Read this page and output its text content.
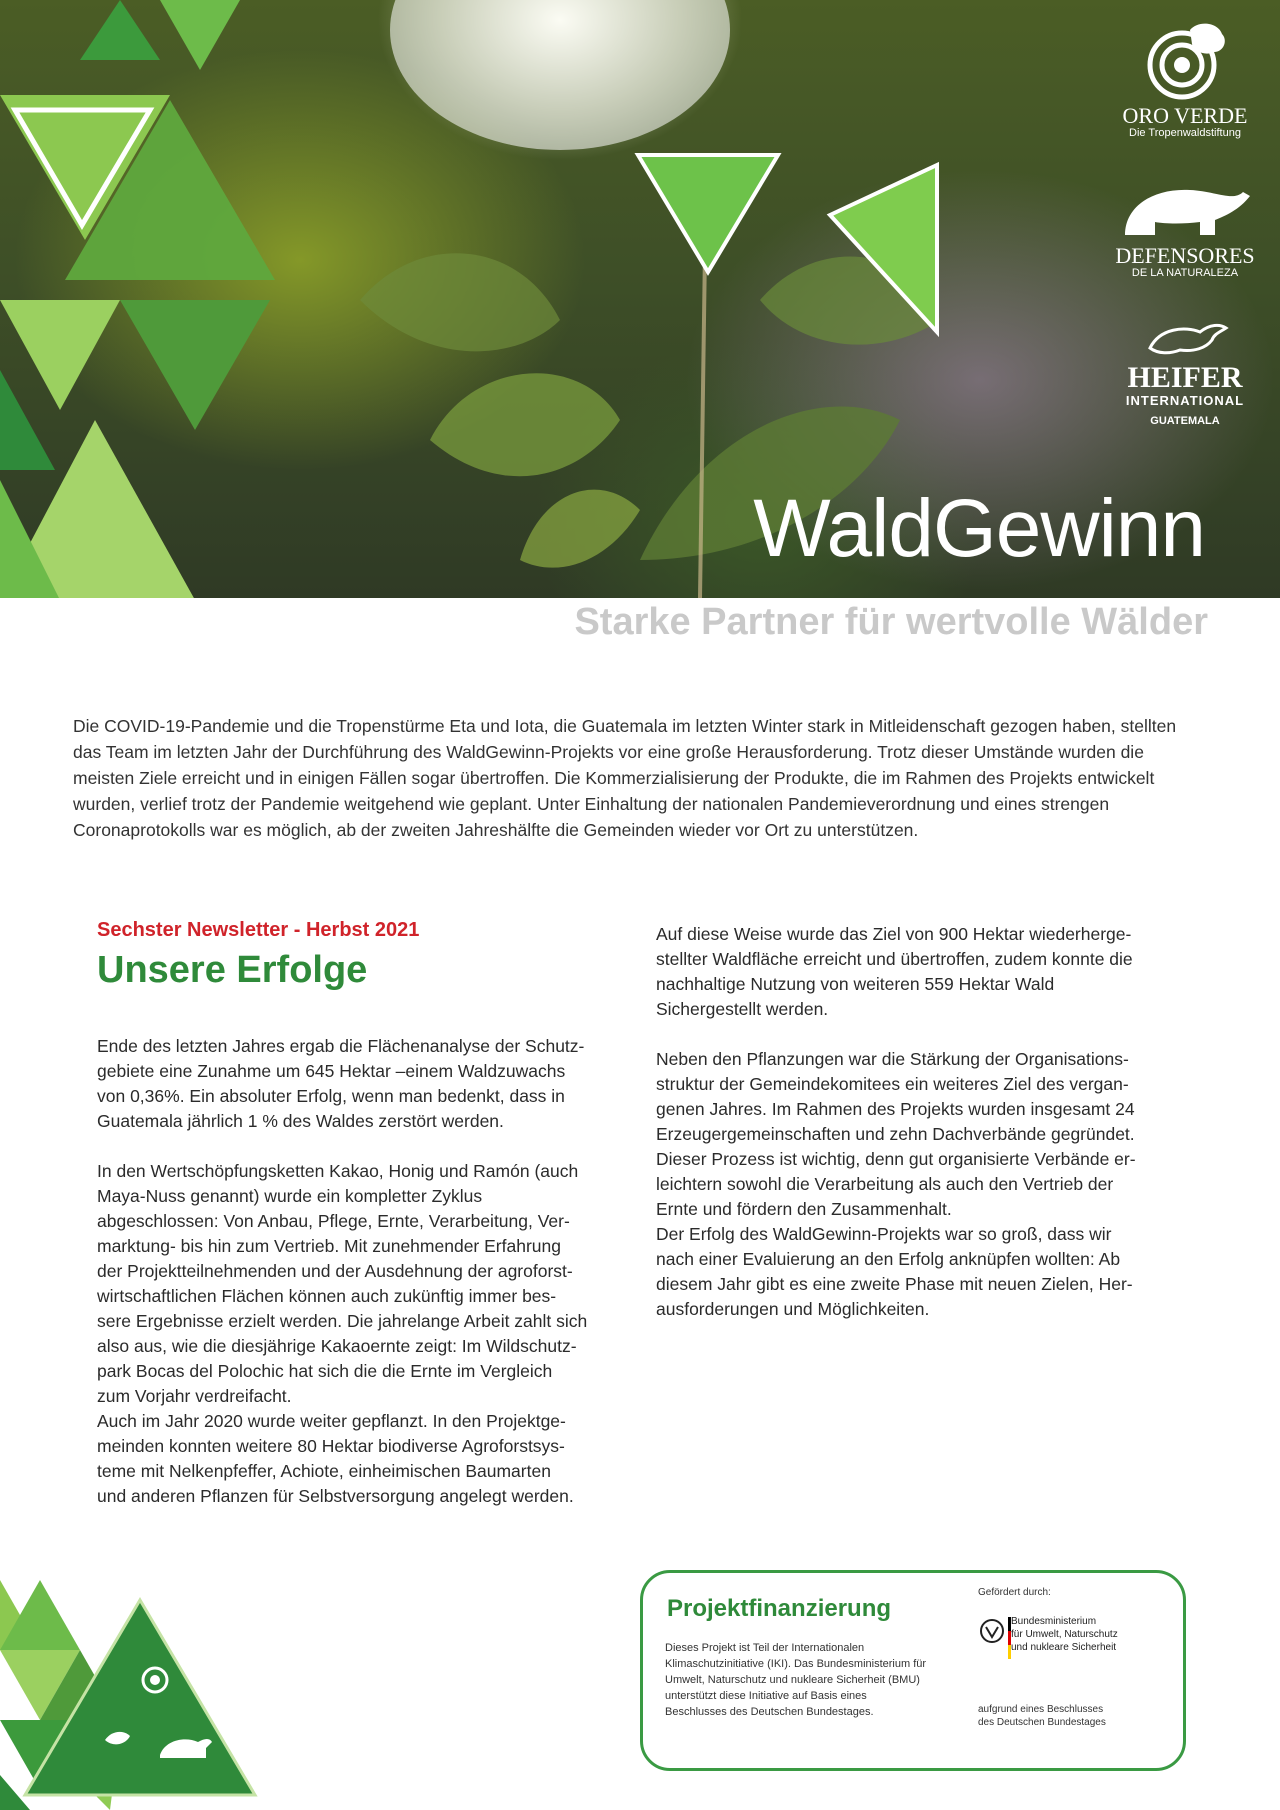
ORO VERDE
Die Tropenwaldstiftung
DEFENSORES
DE LA NATURALEZA
HEIFER
INTERNATIONAL
GUATEMALA
WaldGewinn
Starke Partner für wertvolle Wälder
Die COVID-19-Pandemie und die Tropenstürme Eta und Iota, die Guatemala im letzten Winter stark in Mitleidenschaft gezogen haben, stellten das Team im letzten Jahr der Durchführung des WaldGewinn-Projekts vor eine große Herausforderung. Trotz dieser Umstände wurden die meisten Ziele erreicht und in einigen Fällen sogar übertroffen. Die Kommerzialisierung der Produkte, die im Rahmen des Projekts entwickelt wurden, verlief trotz der Pandemie weitgehend wie geplant. Unter Einhaltung der nationalen Pandemieverordnung und eines strengen Coronaprotokolls war es möglich, ab der zweiten Jahreshälfte die Gemeinden wieder vor Ort zu unterstützen.
Sechster Newsletter - Herbst 2021
Unsere Erfolge

Ende des letzten Jahres ergab die Flächenanalyse der Schutz-
gebiete eine Zunahme um 645 Hektar –einem Waldzuwachs
von 0,36%. Ein absoluter Erfolg, wenn man bedenkt, dass in
Guatemala jährlich 1 % des Waldes zerstört werden.

In den Wertschöpfungsketten Kakao, Honig und Ramón (auch
Maya-Nuss genannt) wurde ein kompletter Zyklus
abgeschlossen: Von Anbau, Pflege, Ernte, Verarbeitung, Ver-
marktung- bis hin zum Vertrieb. Mit zunehmender Erfahrung
der Projektteilnehmenden und der Ausdehnung der agroforst-
wirtschaftlichen Flächen können auch zukünftig immer bes-
sere Ergebnisse erzielt werden. Die jahrelange Arbeit zahlt sich
also aus, wie die diesjährige Kakaoernte zeigt: Im Wildschutz-
park Bocas del Polochic hat sich die die Ernte im Vergleich
zum Vorjahr verdreifacht.
Auch im Jahr 2020 wurde weiter gepflanzt. In den Projektge-
meinden konnten weitere 80 Hektar biodiverse Agroforstsys-
teme mit Nelkenpfeffer, Achiote, einheimischen Baumarten
und anderen Pflanzen für Selbstversorgung angelegt werden.

Auf diese Weise wurde das Ziel von 900 Hektar wiederherge-
stellter Waldfläche erreicht und übertroffen, zudem konnte die
nachhaltige Nutzung von weiteren 559 Hektar Wald
Sichergestellt werden.

Neben den Pflanzungen war die Stärkung der Organisations-
struktur der Gemeindekomitees ein weiteres Ziel des vergan-
genen Jahres. Im Rahmen des Projekts wurden insgesamt 24
Erzeugergemeinschaften und zehn Dachverbände gegründet.
Dieser Prozess ist wichtig, denn gut organisierte Verbände er-
leichtern sowohl die Verarbeitung als auch den Vertrieb der
Ernte und fördern den Zusammenhalt.
Der Erfolg des WaldGewinn-Projekts war so groß, dass wir
nach einer Evaluierung an den Erfolg anknüpfen wollten: Ab
diesem Jahr gibt es eine zweite Phase mit neuen Zielen, Her-
ausforderungen und Möglichkeiten.

Projektfinanzierung
Dieses Projekt ist Teil der Internationalen Klimaschutzinitiative (IKI). Das Bundesministerium für Umwelt, Naturschutz und nukleare Sicherheit (BMU) unterstützt diese Initiative auf Basis eines Beschlusses des Deutschen Bundestages.
Gefördert durch:
Bundesministerium
für Umwelt, Naturschutz
und nukleare Sicherheit
aufgrund eines Beschlusses
des Deutschen Bundestages
